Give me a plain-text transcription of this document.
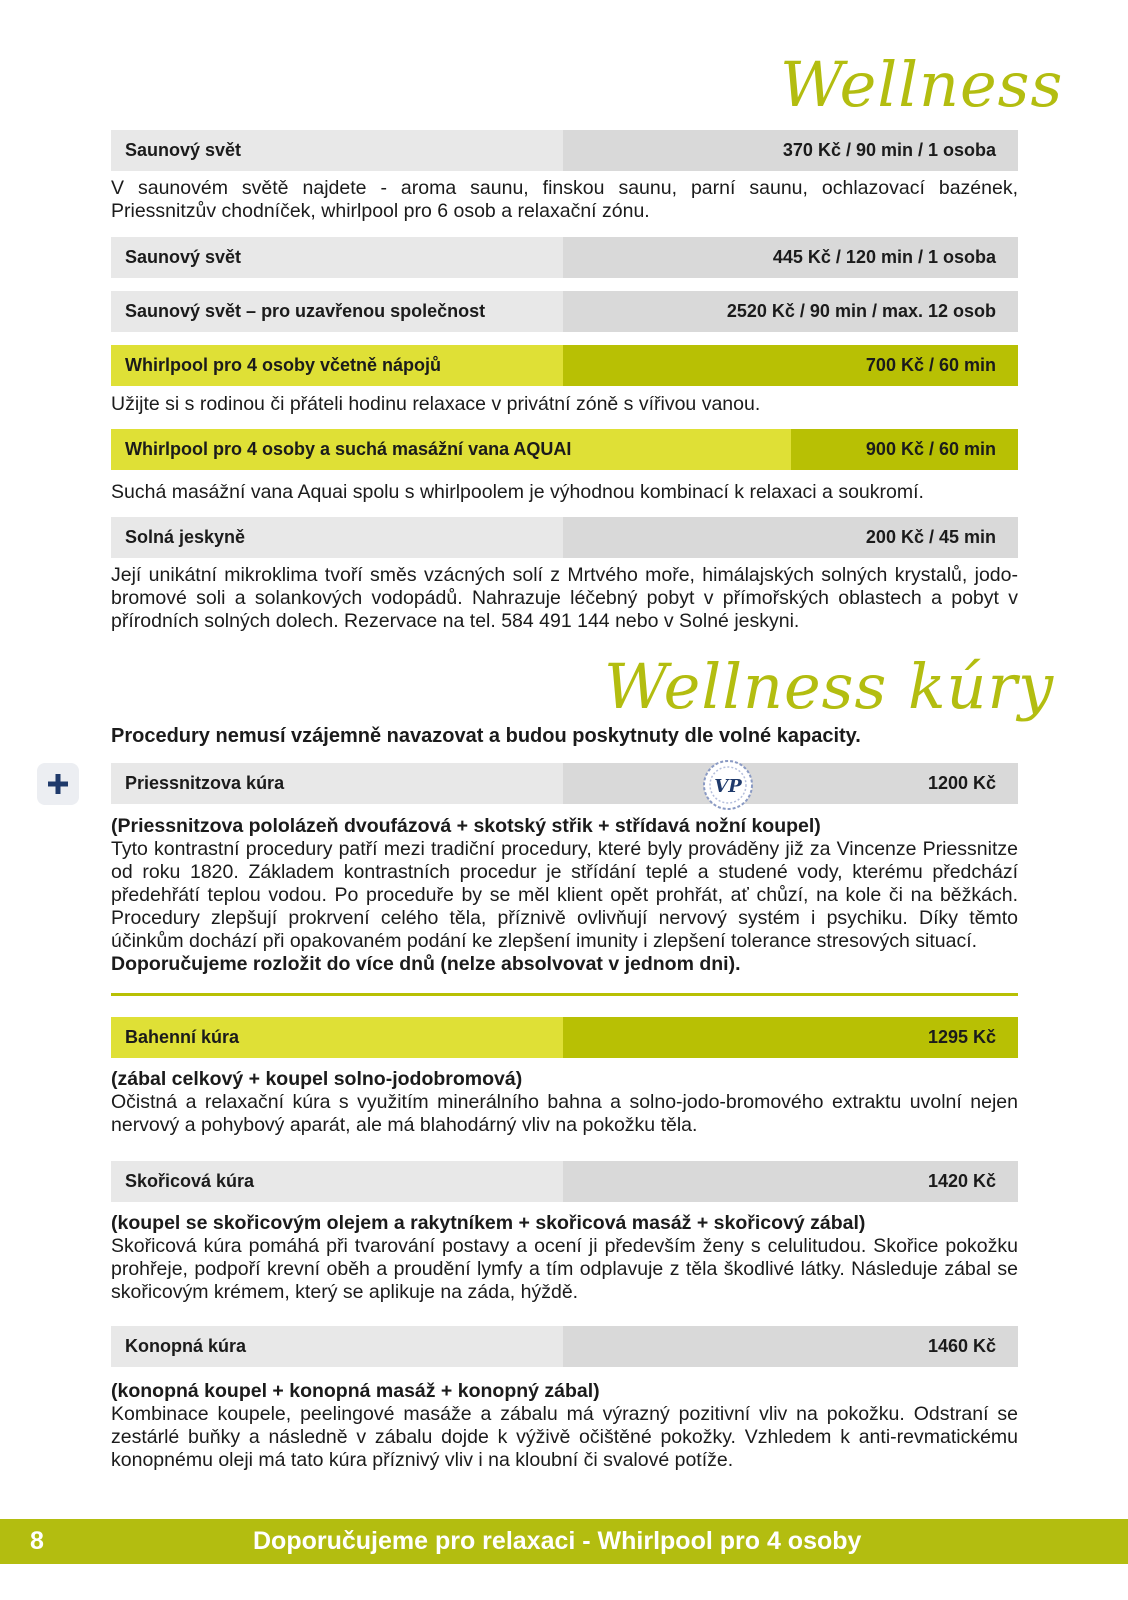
Wellness
Saunový svět	370 Kč / 90 min / 1 osoba

V saunovém světě najdete - aroma saunu, finskou saunu, parní saunu, ochlazovací bazének, Priessnitzův chodníček, whirlpool pro 6 osob a relaxační zónu.

Saunový svět	445 Kč / 120 min / 1 osoba
Saunový svět – pro uzavřenou společnost	2520 Kč / 90 min / max. 12 osob
Whirlpool pro 4 osoby včetně nápojů	700 Kč / 60 min

Užijte si s rodinou či přáteli hodinu relaxace v privátní zóně s vířivou vanou.

Whirlpool pro 4 osoby a suchá masážní vana AQUAI	900 Kč / 60 min

Suchá masážní vana Aquai spolu s whirlpoolem je výhodnou kombinací k relaxaci a soukromí.

Solná jeskyně	200 Kč / 45 min

Její unikátní mikroklima tvoří směs vzácných solí z Mrtvého moře, himálajských solných krystalů, jodo-bromové soli a solankových vodopádů. Nahrazuje léčebný pobyt v přímořských oblastech a pobyt v přírodních solných dolech. Rezervace na tel. 584 491 144 nebo v Solné jeskyni.

Wellness kúry

Procedury nemusí vzájemně navazovat a budou poskytnuty dle volné kapacity.

Priessnitzova kúra	1200 Kč
VP

(Priessnitzova pololázeň dvoufázová + skotský střik + střídavá nožní koupel)

Tyto kontrastní procedury patří mezi tradiční procedury, které byly prováděny již za Vincenze Priessnitze od roku 1820. Základem kontrastních procedur je střídání teplé a studené vody, kterému předchází předehřátí teplou vodou. Po proceduře by se měl klient opět prohřát, ať chůzí, na kole či na běžkách. Procedury zlepšují prokrvení celého těla, příznivě ovlivňují nervový systém i psychiku. Díky těmto účinkům dochází při opakovaném podání ke zlepšení imunity i zlepšení tolerance stresových situací.

Doporučujeme rozložit do více dnů (nelze absolvovat v jednom dni).

Bahenní kúra	1295 Kč

(zábal celkový + koupel solno-jodobromová)

Očistná a relaxační kúra s využitím minerálního bahna a solno-jodo-bromového extraktu uvolní nejen nervový a pohybový aparát, ale má blahodárný vliv na pokožku těla.

Skořicová kúra	1420 Kč

(koupel se skořicovým olejem a rakytníkem + skořicová masáž + skořicový zábal)

Skořicová kúra pomáhá při tvarování postavy a ocení ji především ženy s celulitudou. Skořice pokožku prohřeje, podpoří krevní oběh a proudění lymfy a tím odplavuje z těla škodlivé látky. Následuje zábal se skořicovým krémem, který se aplikuje na záda, hýždě.

Konopná kúra	1460 Kč

(konopná koupel + konopná masáž + konopný zábal)

Kombinace koupele, peelingové masáže a zábalu má výrazný pozitivní vliv na pokožku. Odstraní se zestárlé buňky a následně v zábalu dojde k výživě očištěné pokožky. Vzhledem k anti-revmatickému konopnému oleji má tato kúra příznivý vliv i na kloubní či svalové potíže.

8	Doporučujeme pro relaxaci - Whirlpool pro 4 osoby
